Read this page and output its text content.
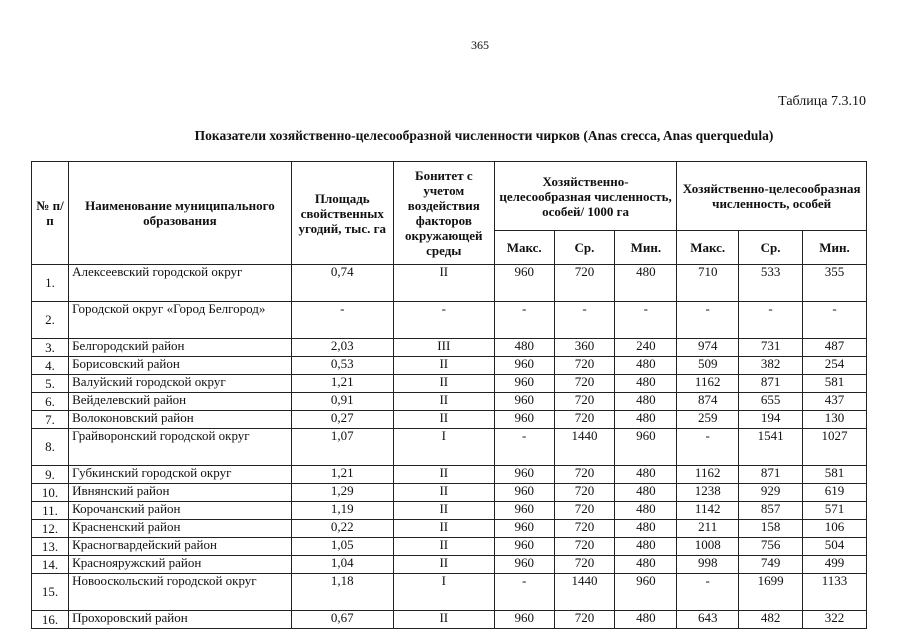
365
Таблица 7.3.10
Показатели хозяйственно-целесообразной численности чирков (Anas crecca, Anas querquedula)
№ п/п	Наименование муниципального образования	Площадь свойственных угодий, тыс. га	Бонитет с учетом воздействия факторов окружающей среды	Хозяйственно-целесообразная численность, особей/ 1000 га			Хозяйственно-целесообразная численность, особей		
				Макс.	Ср.	Мин.	Макс.	Ср.	Мин.
1.	Алексеевский городской округ	0,74	II	960	720	480	710	533	355
2.	Городской округ «Город Белгород»	-	-	-	-	-	-	-	-
3.	Белгородский район	2,03	III	480	360	240	974	731	487
4.	Борисовский район	0,53	II	960	720	480	509	382	254
5.	Валуйский городской округ	1,21	II	960	720	480	1162	871	581
6.	Вейделевский район	0,91	II	960	720	480	874	655	437
7.	Волоконовский район	0,27	II	960	720	480	259	194	130
8.	Грайворонский городской округ	1,07	I	-	1440	960	-	1541	1027
9.	Губкинский городской округ	1,21	II	960	720	480	1162	871	581
10.	Ивнянский район	1,29	II	960	720	480	1238	929	619
11.	Корочанский район	1,19	II	960	720	480	1142	857	571
12.	Красненский район	0,22	II	960	720	480	211	158	106
13.	Красногвардейский район	1,05	II	960	720	480	1008	756	504
14.	Краснояружский район	1,04	II	960	720	480	998	749	499
15.	Новооскольский городской округ	1,18	I	-	1440	960	-	1699	1133
16.	Прохоровский район	0,67	II	960	720	480	643	482	322
